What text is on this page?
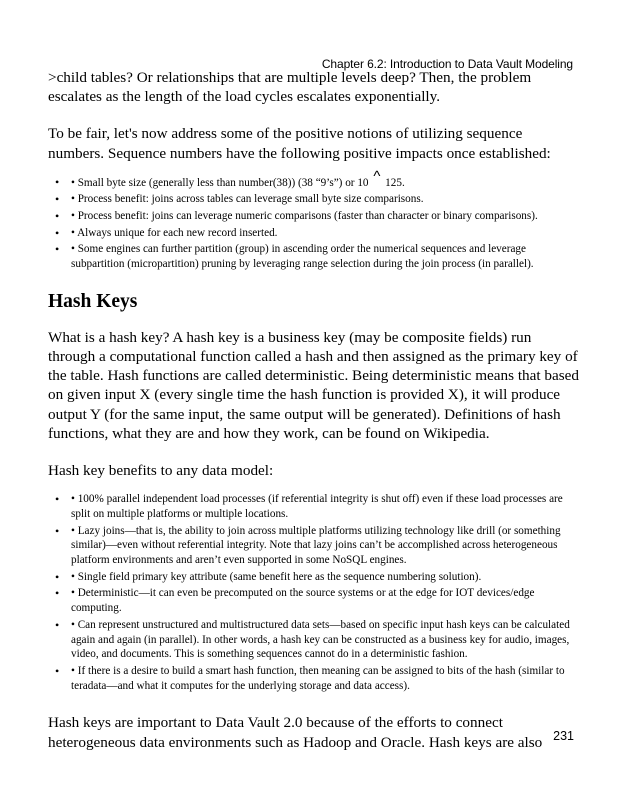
Chapter 6.2: Introduction to Data Vault Modeling

>child tables? Or relationships that are multiple levels deep? Then, the problem escalates as the length of the load cycles escalates exponentially.

To be fair, let's now address some of the positive notions of utilizing sequence numbers. Sequence numbers have the following positive impacts once established:

• • Small byte size (generally less than number(38)) (38 “9’s”) or 10 ^ 125.
• • Process benefit: joins across tables can leverage small byte size comparisons.
• • Process benefit: joins can leverage numeric comparisons (faster than character or binary comparisons).
• • Always unique for each new record inserted.
• • Some engines can further partition (group) in ascending order the numerical sequences and leverage subpartition (micropartition) pruning by leveraging range selection during the join process (in parallel).
Hash Keys

What is a hash key? A hash key is a business key (may be composite fields) run through a computational function called a hash and then assigned as the primary key of the table. Hash functions are called deterministic. Being deterministic means that based on given input X (every single time the hash function is provided X), it will produce output Y (for the same input, the same output will be generated). Definitions of hash functions, what they are and how they work, can be found on Wikipedia.

Hash key benefits to any data model:

• • 100% parallel independent load processes (if referential integrity is shut off) even if these load processes are split on multiple platforms or multiple locations.
• • Lazy joins—that is, the ability to join across multiple platforms utilizing technology like drill (or something similar)—even without referential integrity. Note that lazy joins can’t be accomplished across heterogeneous platform environments and aren’t even supported in some NoSQL engines.
• • Single field primary key attribute (same benefit here as the sequence numbering solution).
• • Deterministic—it can even be precomputed on the source systems or at the edge for IOT devices/edge computing.
• • Can represent unstructured and multistructured data sets—based on specific input hash keys can be calculated again and again (in parallel). In other words, a hash key can be constructed as a business key for audio, images, video, and documents. This is something sequences cannot do in a deterministic fashion.
• • If there is a desire to build a smart hash function, then meaning can be assigned to bits of the hash (similar to teradata—and what it computes for the underlying storage and data access).

Hash keys are important to Data Vault 2.0 because of the efforts to connect heterogeneous data environments such as Hadoop and Oracle. Hash keys are also 231
